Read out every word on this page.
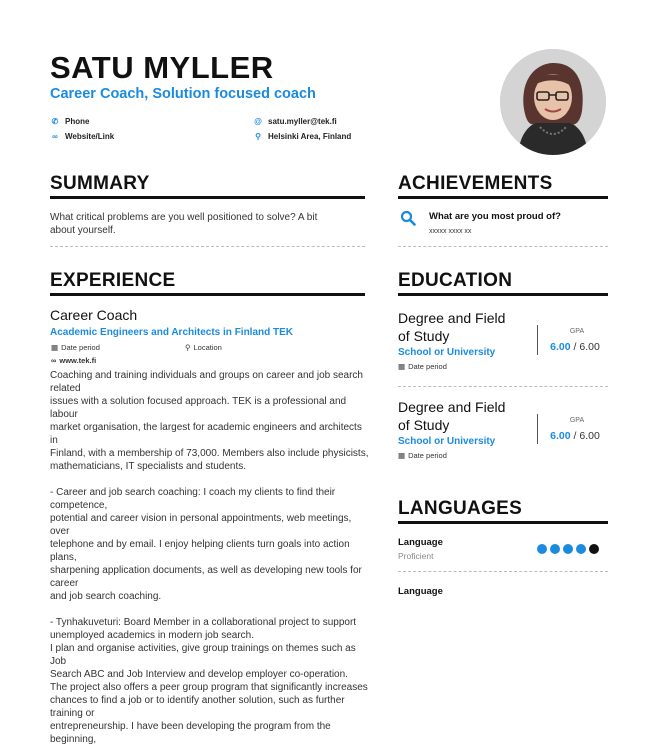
SATU MYLLER
Career Coach, Solution focused coach
✆ Phone
∞ Website/Link
@ satu.myller@tek.fi
⚲ Helsinki Area, Finland
SUMMARY
What critical problems are you well positioned to solve? A bit
about yourself.
EXPERIENCE
Career Coach
Academic Engineers and Architects in Finland TEK
▦ Date period	⚲ Location
∞ www.tek.fi
Coaching and training individuals and groups on career and job search related
issues with a solution focused approach. TEK is a professional and labour
market organisation, the largest for academic engineers and architects in
Finland, with a membership of 73,000. Members also include physicists,
mathematicians, IT specialists and students.
- Career and job search coaching: I coach my clients to find their competence,
potential and career vision in personal appointments, web meetings, over
telephone and by email. I enjoy helping clients turn goals into action plans,
sharpening application documents, as well as developing new tools for career
and job search coaching.
- Tynhakuveturi: Board Member in a collaborational project to support
unemployed academics in modern job search.
I plan and organise activities, give group trainings on themes such as Job
Search ABC and Job Interview and develop employer co-operation.
The project also offers a peer group program that significantly increases
chances to find a job or to identify another solution, such as further training or
entrepreneurship. I have been developing the program from the beginning,
ACHIEVEMENTS
What are you most proud of?
xxxxx xxxx xx
EDUCATION
Degree and Field
of Study
School or University
▦ Date period
GPA
6.00 / 6.00
Degree and Field
of Study
School or University
▦ Date period
GPA
6.00 / 6.00
LANGUAGES
Language
Proficient
Language
